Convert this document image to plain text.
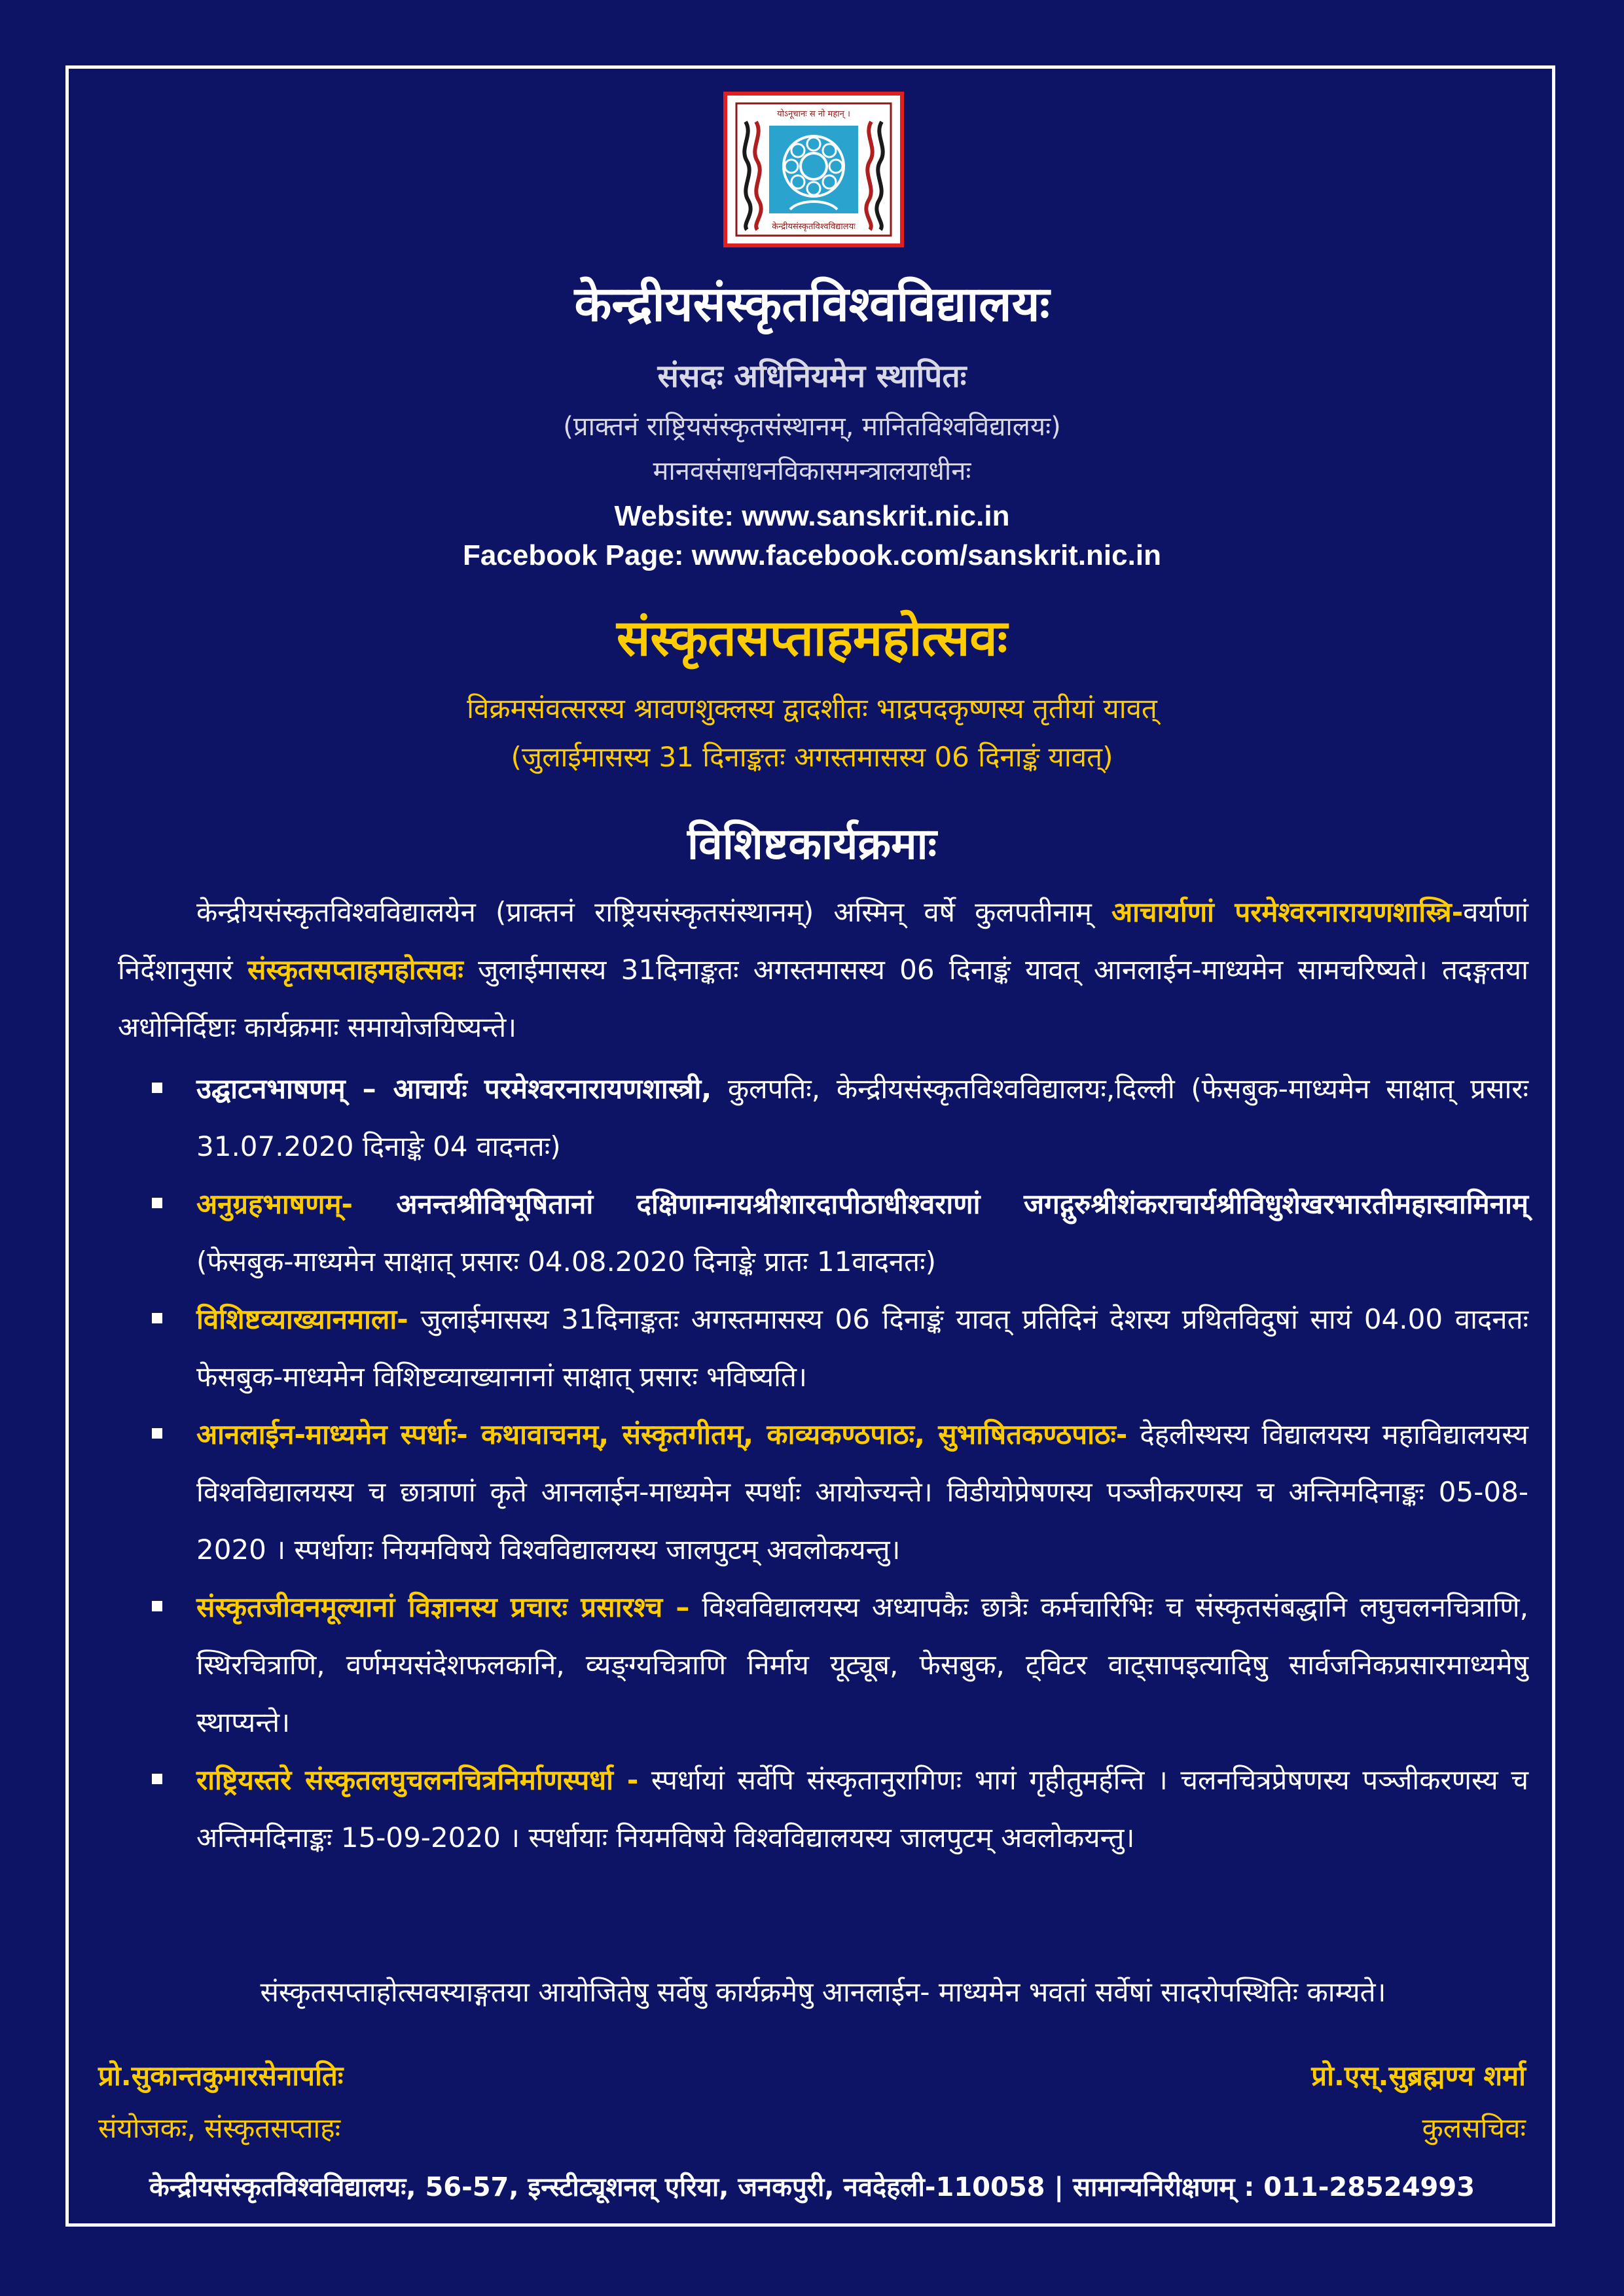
योऽनूचानः स नो महान् ।
केन्द्रीयसंस्कृतविश्वविद्यालयः
केन्द्रीयसंस्कृतविश्वविद्यालयः
संसदः अधिनियमेन स्थापितः
(प्राक्तनं राष्ट्रियसंस्कृतसंस्थानम्, मानितविश्वविद्यालयः)
मानवसंसाधनविकासमन्त्रालयाधीनः
Website: www.sanskrit.nic.in
Facebook Page: www.facebook.com/sanskrit.nic.in
संस्कृतसप्ताहमहोत्सवः
विक्रमसंवत्सरस्य श्रावणशुक्लस्य द्वादशीतः भाद्रपदकृष्णस्य तृतीयां यावत्
(जुलाईमासस्य 31 दिनाङ्कतः अगस्तमासस्य 06 दिनाङ्कं यावत्)
विशिष्टकार्यक्रमाः
केन्द्रीयसंस्कृतविश्वविद्यालयेन (प्राक्तनं राष्ट्रियसंस्कृतसंस्थानम्) अस्मिन् वर्षे कुलपतीनाम् आचार्याणां परमेश्वरनारायणशास्त्रि-वर्याणां निर्देशानुसारं संस्कृतसप्ताहमहोत्सवः जुलाईमासस्य 31दिनाङ्कतः अगस्तमासस्य 06 दिनाङ्कं यावत् आनलाईन-माध्यमेन सामचरिष्यते। तदङ्गतया अधोनिर्दिष्टाः कार्यक्रमाः समायोजयिष्यन्ते।
उद्घाटनभाषणम् – आचार्यः परमेश्वरनारायणशास्त्री, कुलपतिः, केन्द्रीयसंस्कृतविश्वविद्यालयः,दिल्ली (फेसबुक-माध्यमेन साक्षात् प्रसारः 31.07.2020 दिनाङ्के 04 वादनतः)
अनुग्रहभाषणम्- अनन्तश्रीविभूषितानां दक्षिणाम्नायश्रीशारदापीठाधीश्वराणां जगद्गुरुश्रीशंकराचार्यश्रीविधुशेखरभारतीमहास्वामिनाम् (फेसबुक-माध्यमेन साक्षात् प्रसारः 04.08.2020 दिनाङ्के प्रातः 11वादनतः)
विशिष्टव्याख्यानमाला- जुलाईमासस्य 31दिनाङ्कतः अगस्तमासस्य 06 दिनाङ्कं यावत् प्रतिदिनं देशस्य प्रथितविदुषां सायं 04.00 वादनतः फेसबुक-माध्यमेन विशिष्टव्याख्यानानां साक्षात् प्रसारः भविष्यति।
आनलाईन-माध्यमेन स्पर्धाः- कथावाचनम्, संस्कृतगीतम्, काव्यकण्ठपाठः, सुभाषितकण्ठपाठः- देहलीस्थस्य विद्यालयस्य महाविद्यालयस्य विश्वविद्यालयस्य च छात्राणां कृते आनलाईन-माध्यमेन स्पर्धाः आयोज्यन्ते। विडीयोप्रेषणस्य पञ्जीकरणस्य च अन्तिमदिनाङ्कः 05-08-2020 । स्पर्धायाः नियमविषये विश्वविद्यालयस्य जालपुटम् अवलोकयन्तु।
संस्कृतजीवनमूल्यानां विज्ञानस्य प्रचारः प्रसारश्च – विश्वविद्यालयस्य अध्यापकैः छात्रैः कर्मचारिभिः च संस्कृतसंबद्धानि लघुचलनचित्राणि, स्थिरचित्राणि, वर्णमयसंदेशफलकानि, व्यङ्ग्यचित्राणि निर्माय यूट्यूब, फेसबुक, ट्विटर वाट्सापइत्यादिषु सार्वजनिकप्रसारमाध्यमेषु स्थाप्यन्ते।
राष्ट्रियस्तरे संस्कृतलघुचलनचित्रनिर्माणस्पर्धा - स्पर्धायां सर्वेपि संस्कृतानुरागिणः भागं गृहीतुमर्हन्ति । चलनचित्रप्रेषणस्य पञ्जीकरणस्य च अन्तिमदिनाङ्कः 15-09-2020 । स्पर्धायाः नियमविषये विश्वविद्यालयस्य जालपुटम् अवलोकयन्तु।
संस्कृतसप्ताहोत्सवस्याङ्गतया आयोजितेषु सर्वेषु कार्यक्रमेषु आनलाईन- माध्यमेन भवतां सर्वेषां सादरोपस्थितिः काम्यते।
प्रो.सुकान्तकुमारसेनापतिः
संयोजकः, संस्कृतसप्ताहः
प्रो.एस्.सुब्रह्मण्य शर्मा
कुलसचिवः
केन्द्रीयसंस्कृतविश्वविद्यालयः, 56-57, इन्स्टीट्यूशनल् एरिया, जनकपुरी, नवदेहली-110058 | सामान्यनिरीक्षणम् : 011-28524993
